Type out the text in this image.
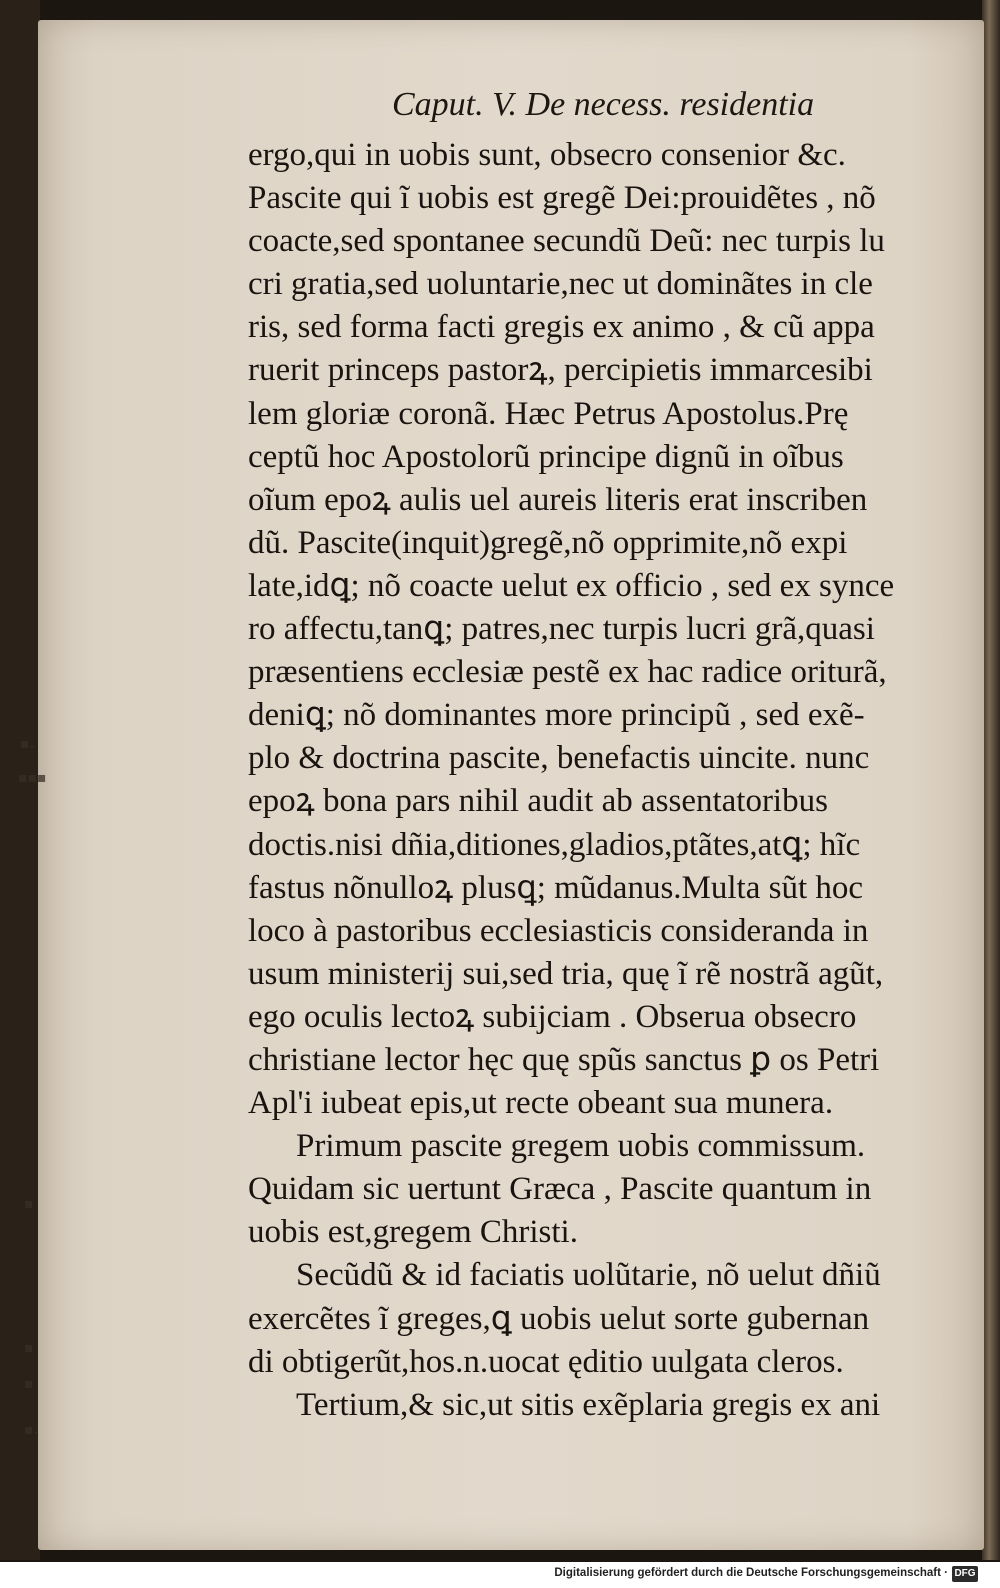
▪.
▪▪▪
▪
▪
▪
▪.
Caput. V. De necess. residentia
ergo,qui in uobis sunt, obsecro consenior &c.
Pascite qui ĩ uobis est gregẽ Dei:prouidẽtes , nõ
coacte,sed spontanee secundũ Deũ: nec turpis lu
cri gratia,sed uoluntarie,nec ut dominãtes in cle
ris, sed forma facti gregis ex animo , & cũ appa
ruerit princeps pastorꝝ, percipietis immarcesibi
lem gloriæ coronã. Hæc Petrus Apostolus.Prę
ceptũ hoc Apostolorũ principe dignũ in oĩbus
oĩum epoꝝ aulis uel aureis literis erat inscriben
dũ. Pascite(inquit)gregẽ,nõ opprimite,nõ expi
late,idꝗ; nõ coacte uelut ex officio , sed ex synce
ro affectu,tanꝗ; patres,nec turpis lucri grã,quasi
præsentiens ecclesiæ pestẽ ex hac radice oriturã,
deniꝗ; nõ dominantes more principũ , sed exẽ-
plo & doctrina pascite, benefactis uincite. nunc
epoꝝ bona pars nihil audit ab assentatoribus
doctis.nisi dñia,ditiones,gladios,ptãtes,atꝗ; hĩc
fastus nõnulloꝝ plusꝗ; mũdanus.Multa sũt hoc
loco à pastoribus ecclesiasticis consideranda in
usum ministerij sui,sed tria, quę ĩ rẽ nostrã agũt,
ego oculis lectoꝝ subijciam . Obserua obsecro
christiane lector hęc quę spũs sanctus ꝑ os Petri
Apl'i iubeat epis,ut recte obeant sua munera.
Primum pascite gregem uobis commissum.
Quidam sic uertunt Græca , Pascite quantum in
uobis est,gregem Christi.
Secũdũ & id faciatis uolũtarie, nõ uelut dñiũ
exercẽtes ĩ greges,ꝗ uobis uelut sorte gubernan
di obtigerũt,hos.n.uocat ęditio uulgata cleros.
Tertium,& sic,ut sitis exẽplaria gregis ex ani
Digitalisierung gefördert durch die Deutsche Forschungsgemeinschaft · DFG
